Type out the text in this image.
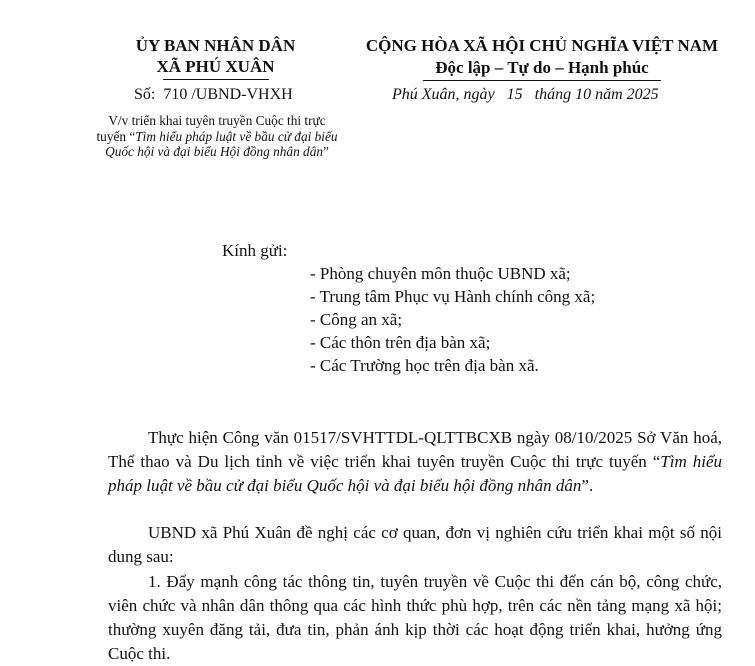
ỦY BAN NHÂN DÂN
XÃ PHÚ XUÂN
CỘNG HÒA XÃ HỘI CHỦ NGHĨA VIỆT NAM
Độc lập – Tự do – Hạnh phúc
Số:  710 /UBND-VHXH	Phú Xuân, ngày   15   tháng 10 năm 2025
V/v triển khai tuyên truyền Cuộc thi trực tuyến “Tìm hiểu pháp luật về bầu cử đại biểu Quốc hội và đại biểu Hội đồng nhân dân”
Kính gửi:
- Phòng chuyên môn thuộc UBND xã;
- Trung tâm Phục vụ Hành chính công xã;
- Công an xã;
- Các thôn trên địa bàn xã;
- Các Trường học trên địa bàn xã.
Thực hiện Công văn 01517/SVHTTDL-QLTTBCXB ngày 08/10/2025 Sở Văn hoá, Thể thao và Du lịch tỉnh về việc triển khai tuyên truyền Cuộc thi trực tuyến “Tìm hiểu pháp luật về bầu cử đại biểu Quốc hội và đại biểu hội đồng nhân dân”.
UBND xã Phú Xuân đề nghị các cơ quan, đơn vị nghiên cứu triển khai một số nội dung sau:
1. Đẩy mạnh công tác thông tin, tuyên truyền về Cuộc thi đến cán bộ, công chức, viên chức và nhân dân thông qua các hình thức phù hợp, trên các nền tảng mạng xã hội; thường xuyên đăng tải, đưa tin, phản ánh kịp thời các hoạt động triển khai, hưởng ứng Cuộc thi.
